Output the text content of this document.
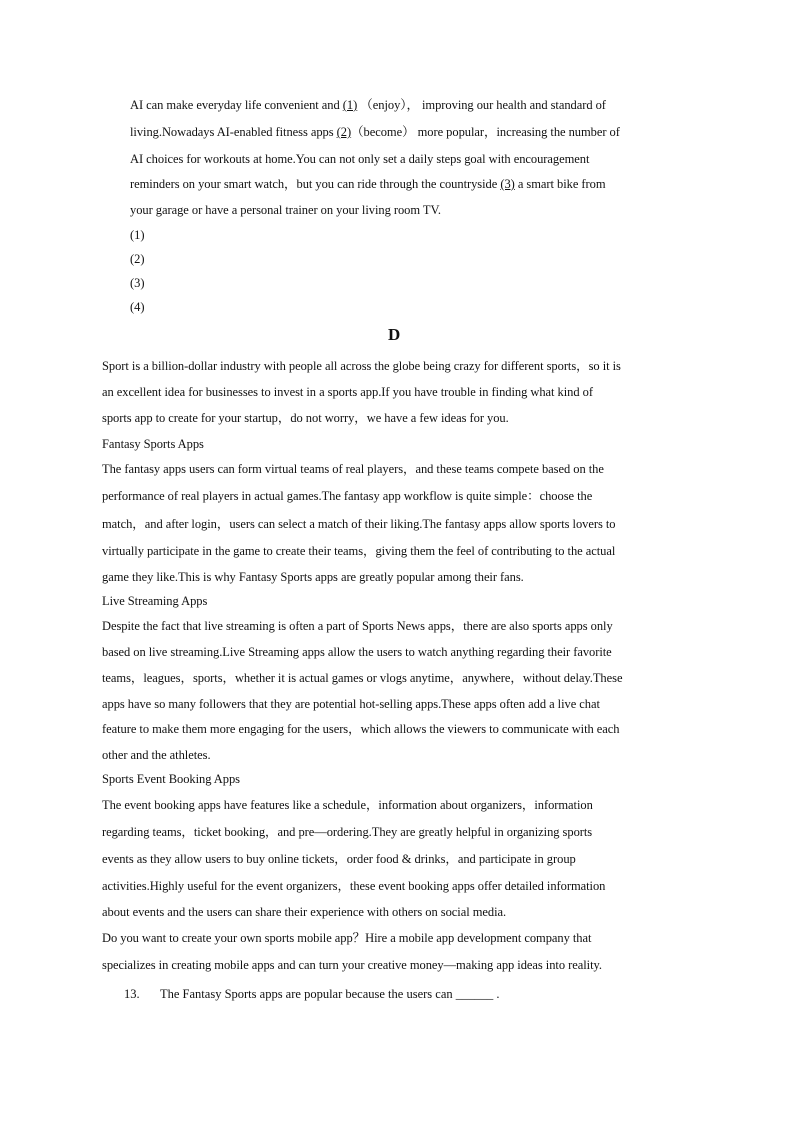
AI can make everyday life convenient and (1) （enjoy）， improving our health and standard of
living.Nowadays AI-enabled fitness apps (2)（become） more popular，increasing the number of
AI choices for workouts at home.You can not only set a daily steps goal with encouragement
reminders on your smart watch，but you can ride through the countryside (3) a smart bike from
your garage or have a personal trainer on your living room TV.
(1)
(2)
(3)
(4)
D
Sport is a billion-dollar industry with people all across the globe being crazy for different sports，so it is
an excellent idea for businesses to invest in a sports app.If you have trouble in finding what kind of
sports app to create for your startup，do not worry，we have a few ideas for you.
Fantasy Sports Apps
The fantasy apps users can form virtual teams of real players，and these teams compete based on the
performance of real players in actual games.The fantasy app workflow is quite simple：choose the
match，and after login，users can select a match of their liking.The fantasy apps allow sports lovers to
virtually participate in the game to create their teams，giving them the feel of contributing to the actual
game they like.This is why Fantasy Sports apps are greatly popular among their fans.
Live Streaming Apps
Despite the fact that live streaming is often a part of Sports News apps，there are also sports apps only
based on live streaming.Live Streaming apps allow the users to watch anything regarding their favorite
teams，leagues，sports，whether it is actual games or vlogs anytime，anywhere，without delay.These
apps have so many followers that they are potential hot-selling apps.These apps often add a live chat
feature to make them more engaging for the users，which allows the viewers to communicate with each
other and the athletes.
Sports Event Booking Apps
The event booking apps have features like a schedule，information about organizers，information
regarding teams，ticket booking，and pre—ordering.They are greatly helpful in organizing sports
events as they allow users to buy online tickets，order food & drinks，and participate in group
activities.Highly useful for the event organizers，these event booking apps offer detailed information
about events and the users can share their experience with others on social media.
Do you want to create your own sports mobile app？Hire a mobile app development company that
specializes in creating mobile apps and can turn your creative money—making app ideas into reality.
13. The Fantasy Sports apps are popular because the users can ______ .
